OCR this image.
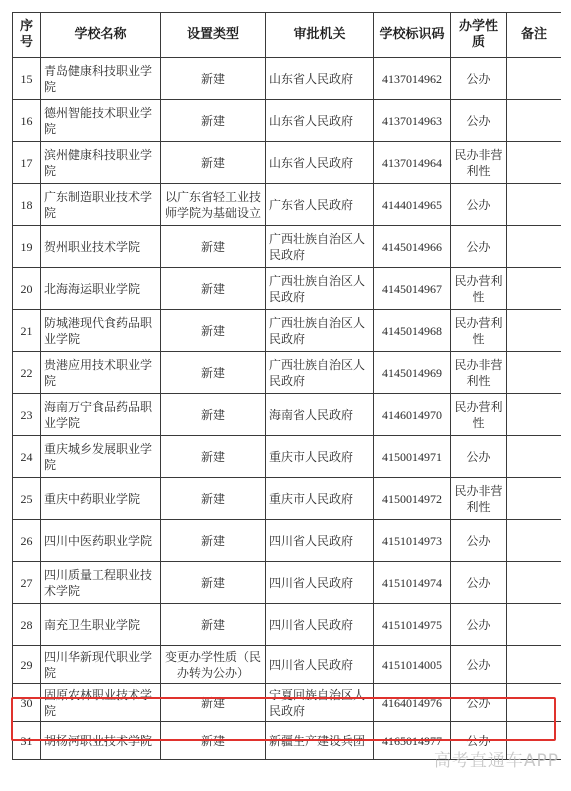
序号	学校名称	设置类型	审批机关	学校标识码	办学性质	备注
15	青岛健康科技职业学院	新建	山东省人民政府	4137014962	公办	
16	德州智能技术职业学院	新建	山东省人民政府	4137014963	公办	
17	滨州健康科技职业学院	新建	山东省人民政府	4137014964	民办非营利性	
18	广东制造职业技术学院	以广东省轻工业技师学院为基础设立	广东省人民政府	4144014965	公办	
19	贺州职业技术学院	新建	广西壮族自治区人民政府	4145014966	公办	
20	北海海运职业学院	新建	广西壮族自治区人民政府	4145014967	民办营利性	
21	防城港现代食药品职业学院	新建	广西壮族自治区人民政府	4145014968	民办营利性	
22	贵港应用技术职业学院	新建	广西壮族自治区人民政府	4145014969	民办非营利性	
23	海南万宁食品药品职业学院	新建	海南省人民政府	4146014970	民办营利性	
24	重庆城乡发展职业学院	新建	重庆市人民政府	4150014971	公办	
25	重庆中药职业学院	新建	重庆市人民政府	4150014972	民办非营利性	
26	四川中医药职业学院	新建	四川省人民政府	4151014973	公办	
27	四川质量工程职业技术学院	新建	四川省人民政府	4151014974	公办	
28	南充卫生职业学院	新建	四川省人民政府	4151014975	公办	
29	四川华新现代职业学院	变更办学性质（民办转为公办）	四川省人民政府	4151014005	公办	
30	固原农林职业技术学院	新建	宁夏回族自治区人民政府	4164014976	公办	
31	胡杨河职业技术学院	新建	新疆生产建设兵团	4165014977	公办	
高考直通车APP
